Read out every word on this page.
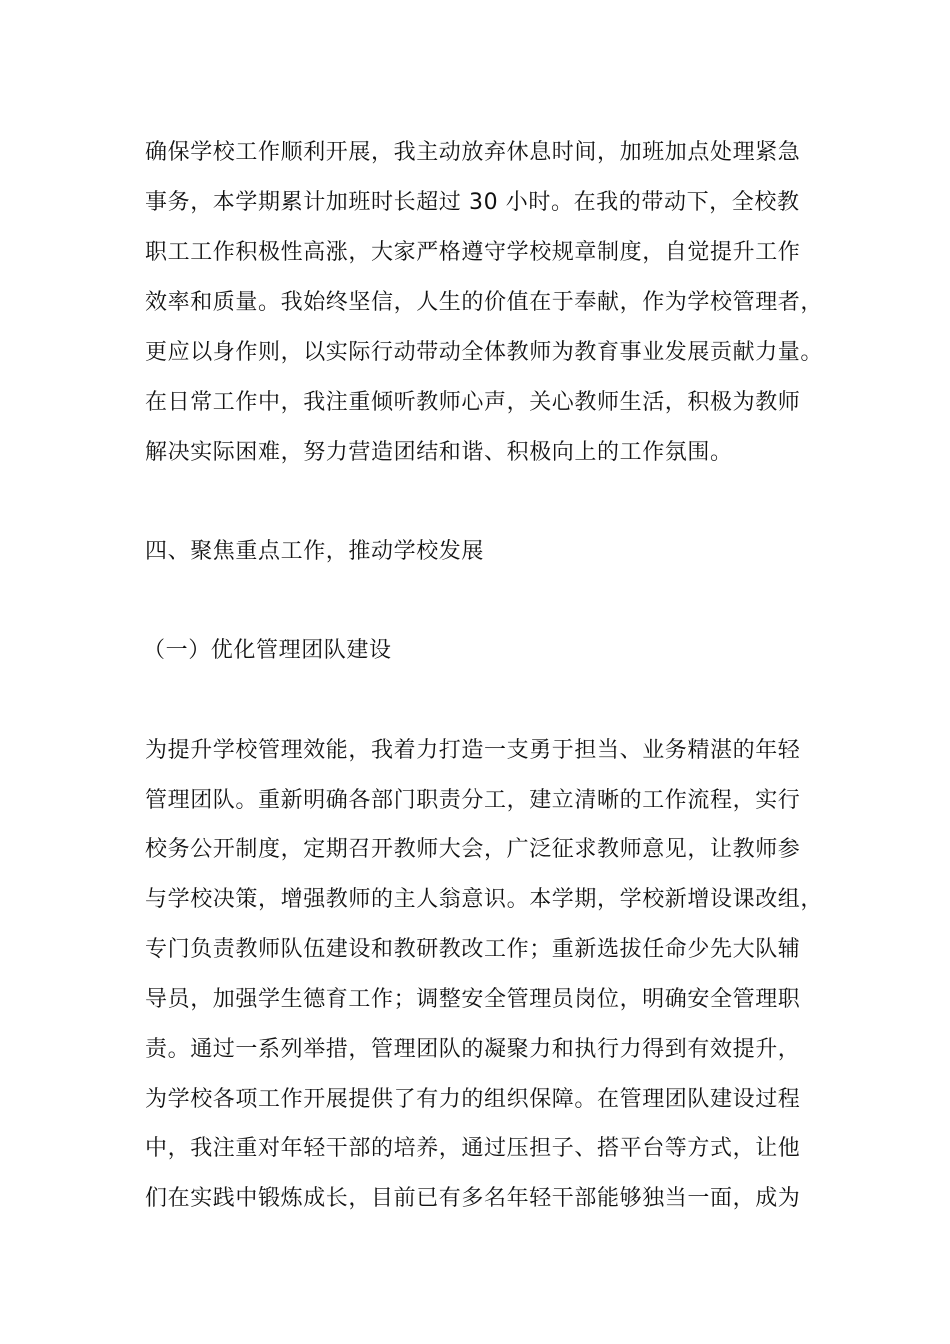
确保学校工作顺利开展，我主动放弃休息时间，加班加点处理紧急
事务，本学期累计加班时长超过 30 小时。在我的带动下，全校教
职工工作积极性高涨，大家严格遵守学校规章制度，自觉提升工作
效率和质量。我始终坚信，人生的价值在于奉献，作为学校管理者，
更应以身作则，以实际行动带动全体教师为教育事业发展贡献力量。
在日常工作中，我注重倾听教师心声，关心教师生活，积极为教师
解决实际困难，努力营造团结和谐、积极向上的工作氛围。
四、聚焦重点工作，推动学校发展
（一）优化管理团队建设
为提升学校管理效能，我着力打造一支勇于担当、业务精湛的年轻
管理团队。重新明确各部门职责分工，建立清晰的工作流程，实行
校务公开制度，定期召开教师大会，广泛征求教师意见，让教师参
与学校决策，增强教师的主人翁意识。本学期，学校新增设课改组，
专门负责教师队伍建设和教研教改工作；重新选拔任命少先大队辅
导员，加强学生德育工作；调整安全管理员岗位，明确安全管理职
责。通过一系列举措，管理团队的凝聚力和执行力得到有效提升，
为学校各项工作开展提供了有力的组织保障。在管理团队建设过程
中，我注重对年轻干部的培养，通过压担子、搭平台等方式，让他
们在实践中锻炼成长，目前已有多名年轻干部能够独当一面，成为
